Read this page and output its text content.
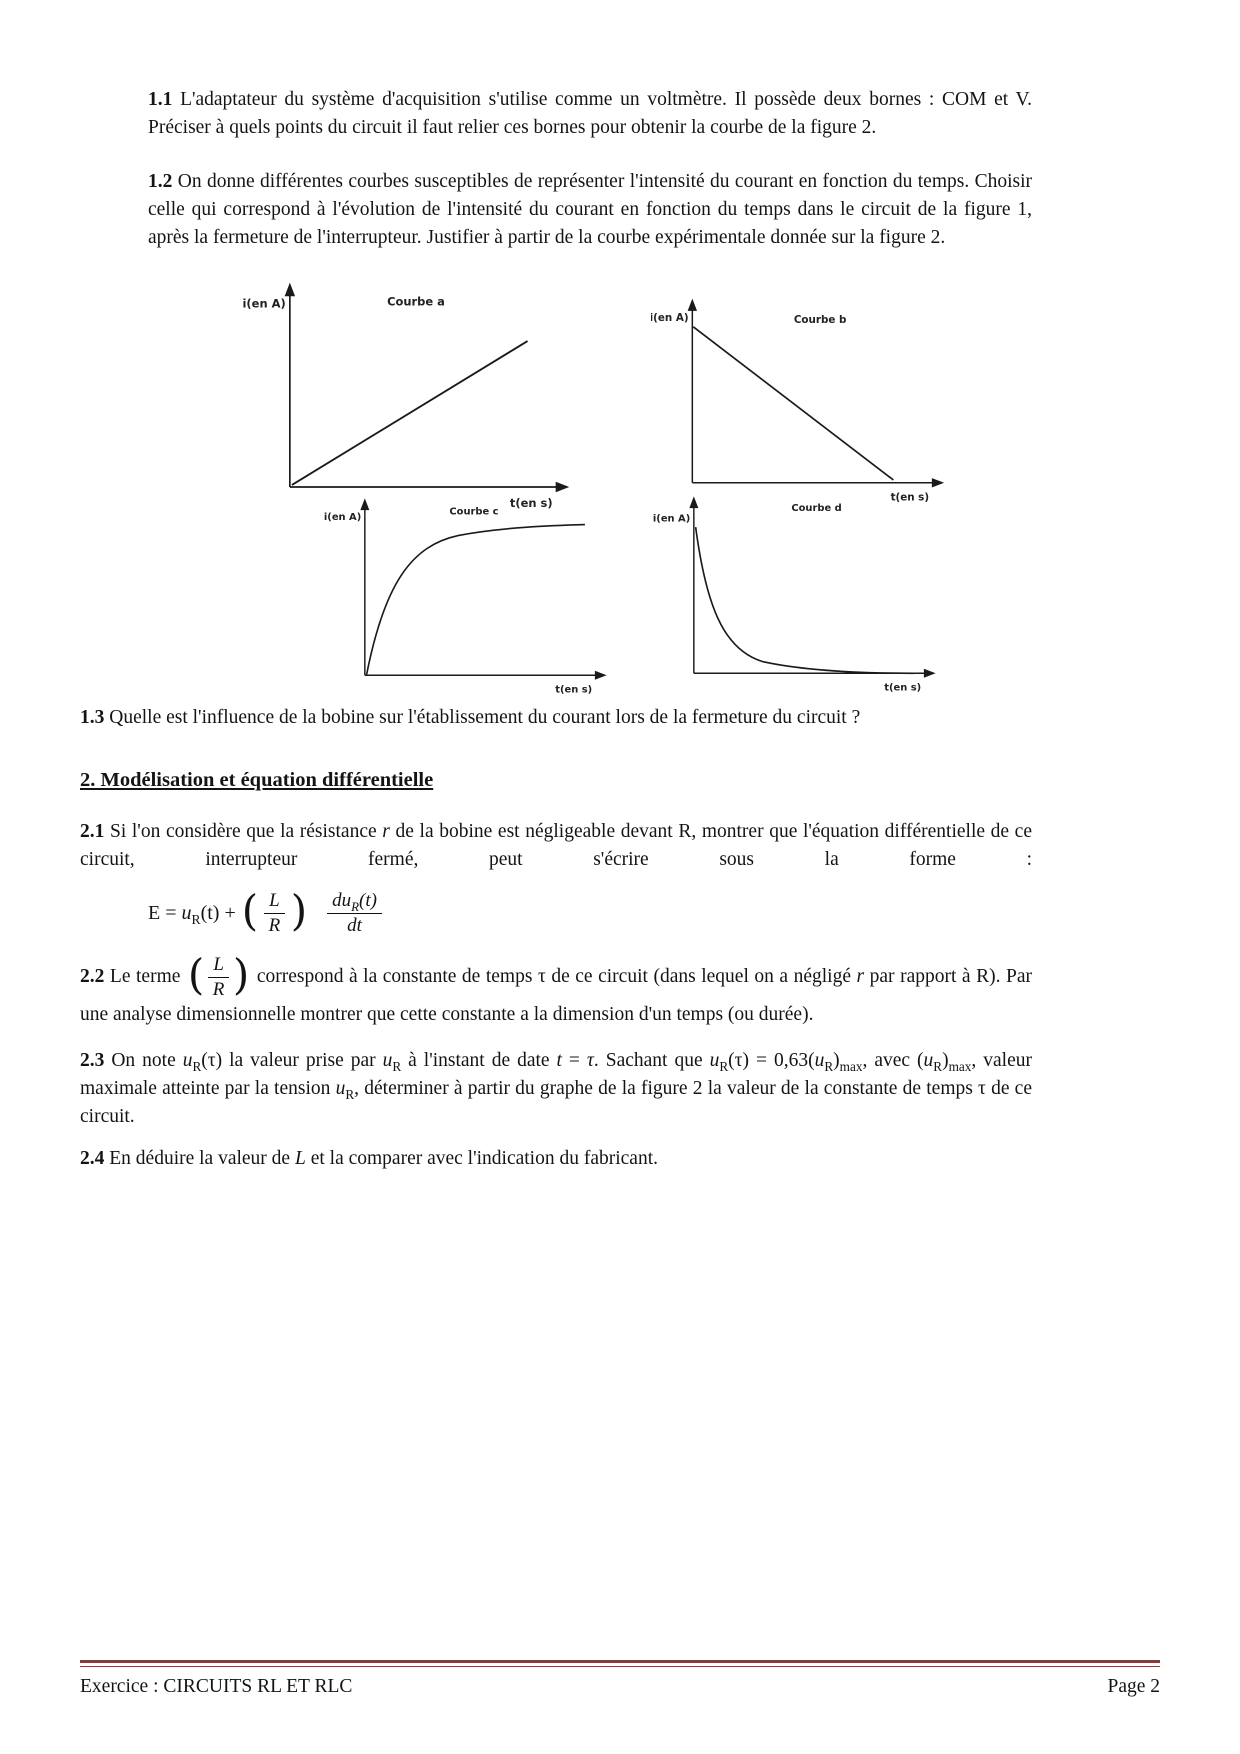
1.1 L'adaptateur du système d'acquisition s'utilise comme un voltmètre. Il possède deux bornes : COM et V. Préciser à quels points du circuit il faut relier ces bornes pour obtenir la courbe de la figure 2.

1.2 On donne différentes courbes susceptibles de représenter l'intensité du courant en fonction du temps. Choisir celle qui correspond à l'évolution de l'intensité du courant en fonction du temps dans le circuit de la figure 1, après la fermeture de l'interrupteur. Justifier à partir de la courbe expérimentale donnée sur la figure 2.

i(en A)	Courbe a
t(en s)
i(en A)	Courbe b
t(en s)
i(en A)	Courbe c
t(en s)
i(en A)
Courbe d
t(en s)

1.3 Quelle est l'influence de la bobine sur l'établissement du courant lors de la fermeture du circuit ?

2. Modélisation et équation différentielle

2.1 Si l'on considère que la résistance r de la bobine est négligeable devant R, montrer que l'équation différentielle de ce circuit, interrupteur fermé, peut s'écrire sous la forme :

$E = u_R(t)$ + ( $\frac{L}{R}$ ) $\frac{du_R(t)}{dt}$

2.2 Le terme ( $\frac{L}{R}$ ) correspond à la constante de temps τ de ce circuit (dans lequel on a négligé r par rapport à R). Par une analyse dimensionnelle montrer que cette constante a la dimension d'un temps (ou durée).

2.3 On note $u_R(\tau)$ la valeur prise par $u_R$ à l'instant de date t = τ. Sachant que $u_R(\tau) = 0,63(u_R)_{max}$, avec $(u_R)_{max}$, valeur maximale atteinte par la tension $u_R$, déterminer à partir du graphe de la figure 2 la valeur de la constante de temps τ de ce circuit.

2.4 En déduire la valeur de L et la comparer avec l'indication du fabricant.

Exercice : CIRCUITS RL ET RLC	Page 2
